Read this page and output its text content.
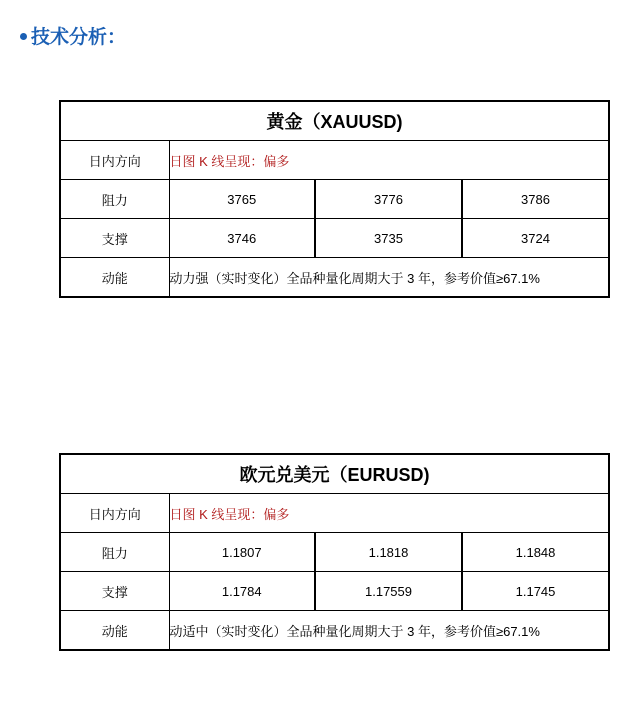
技术分析：
黄金（XAUUSD)			
日内方向	日图 K 线呈现：偏多		
阻力	3765	3776	3786
支撑	3746	3735	3724
动能	动力强（实时变化）全品种量化周期大于 3 年，参考价值≥67.1%		
欧元兑美元（EURUSD)			
日内方向	日图 K 线呈现：偏多		
阻力	1.1807	1.1818	1.1848
支撑	1.1784	1.17559	1.1745
动能	动适中（实时变化）全品种量化周期大于 3 年，参考价值≥67.1%		
